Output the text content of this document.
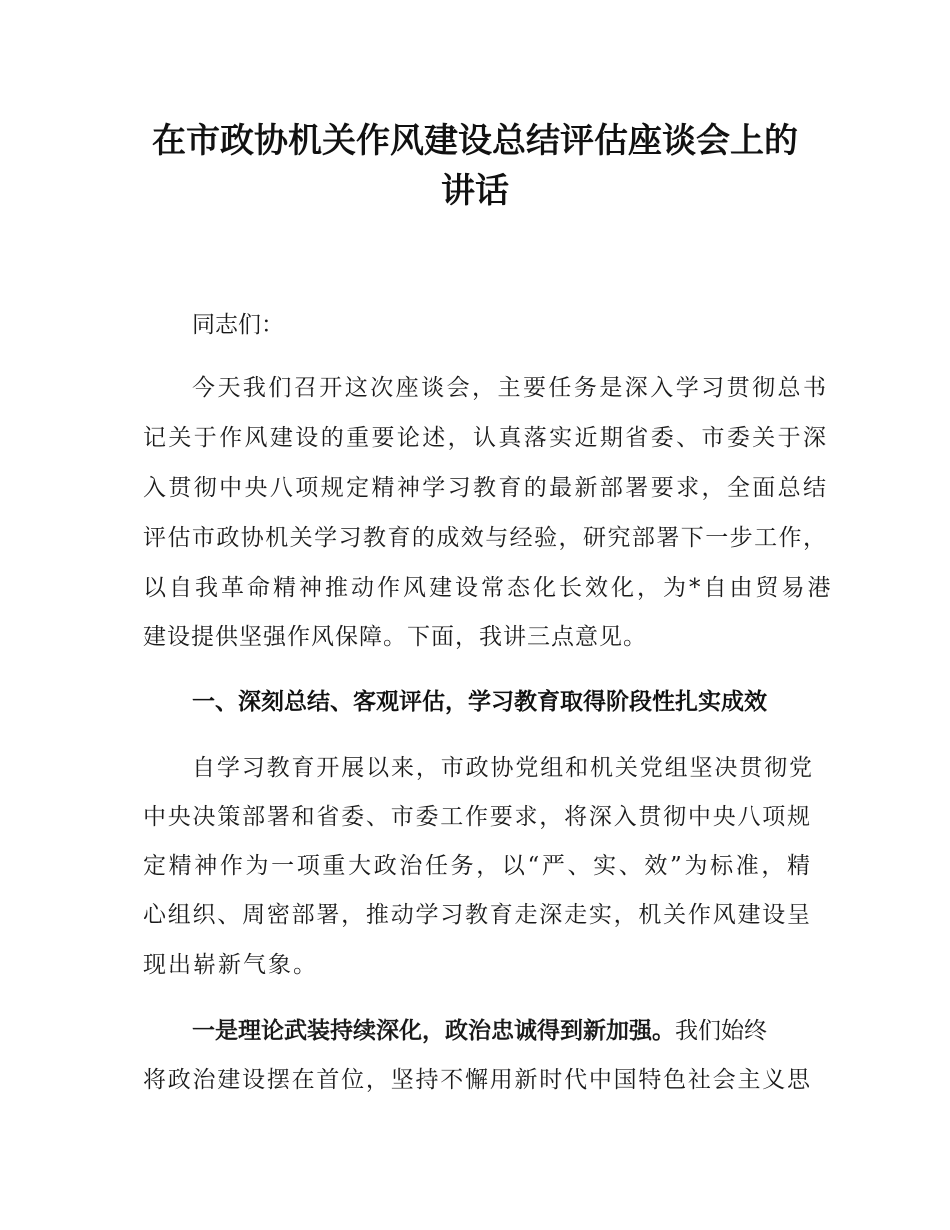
在市政协机关作风建设总结评估座谈会上的
讲话
同志们：
今天我们召开这次座谈会，主要任务是深入学习贯彻总书
记关于作风建设的重要论述，认真落实近期省委、市委关于深
入贯彻中央八项规定精神学习教育的最新部署要求，全面总结
评估市政协机关学习教育的成效与经验，研究部署下一步工作，
以自我革命精神推动作风建设常态化长效化，为*自由贸易港
建设提供坚强作风保障。下面，我讲三点意见。
一、深刻总结、客观评估，学习教育取得阶段性扎实成效
自学习教育开展以来，市政协党组和机关党组坚决贯彻党
中央决策部署和省委、市委工作要求，将深入贯彻中央八项规
定精神作为一项重大政治任务，以“严、实、效”为标准，精
心组织、周密部署，推动学习教育走深走实，机关作风建设呈
现出崭新气象。
一是理论武装持续深化，政治忠诚得到新加强。我们始终
将政治建设摆在首位，坚持不懈用新时代中国特色社会主义思
